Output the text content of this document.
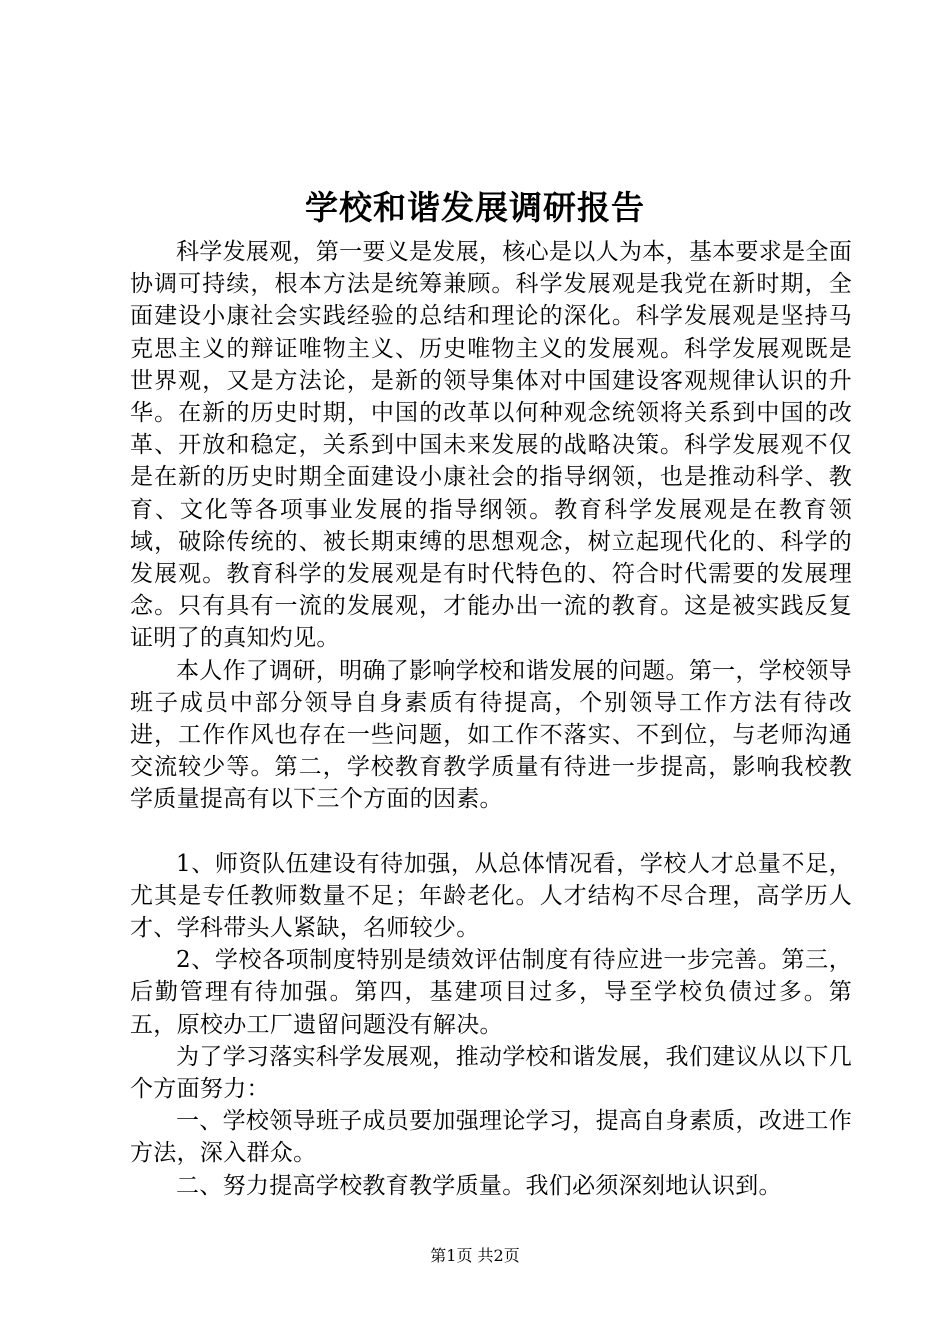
学校和谐发展调研报告

科学发展观，第一要义是发展，核心是以人为本，基本要求是全面协调可持续，根本方法是统筹兼顾。科学发展观是我党在新时期，全面建设小康社会实践经验的总结和理论的深化。科学发展观是坚持马克思主义的辩证唯物主义、历史唯物主义的发展观。科学发展观既是世界观，又是方法论，是新的领导集体对中国建设客观规律认识的升华。在新的历史时期，中国的改革以何种观念统领将关系到中国的改革、开放和稳定，关系到中国未来发展的战略决策。科学发展观不仅是在新的历史时期全面建设小康社会的指导纲领，也是推动科学、教育、文化等各项事业发展的指导纲领。教育科学发展观是在教育领域，破除传统的、被长期束缚的思想观念，树立起现代化的、科学的发展观。教育科学的发展观是有时代特色的、符合时代需要的发展理念。只有具有一流的发展观，才能办出一流的教育。这是被实践反复证明了的真知灼见。

本人作了调研，明确了影响学校和谐发展的问题。第一，学校领导班子成员中部分领导自身素质有待提高，个别领导工作方法有待改进，工作作风也存在一些问题，如工作不落实、不到位，与老师沟通交流较少等。第二，学校教育教学质量有待进一步提高，影响我校教学质量提高有以下三个方面的因素。

1、师资队伍建设有待加强，从总体情况看，学校人才总量不足，尤其是专任教师数量不足；年龄老化。人才结构不尽合理，高学历人才、学科带头人紧缺，名师较少。

2、学校各项制度特别是绩效评估制度有待应进一步完善。第三，后勤管理有待加强。第四，基建项目过多，导至学校负债过多。第五，原校办工厂遗留问题没有解决。

为了学习落实科学发展观，推动学校和谐发展，我们建议从以下几个方面努力：

一、学校领导班子成员要加强理论学习，提高自身素质，改进工作方法，深入群众。

二、努力提高学校教育教学质量。我们必须深刻地认识到。

第1页 共2页
